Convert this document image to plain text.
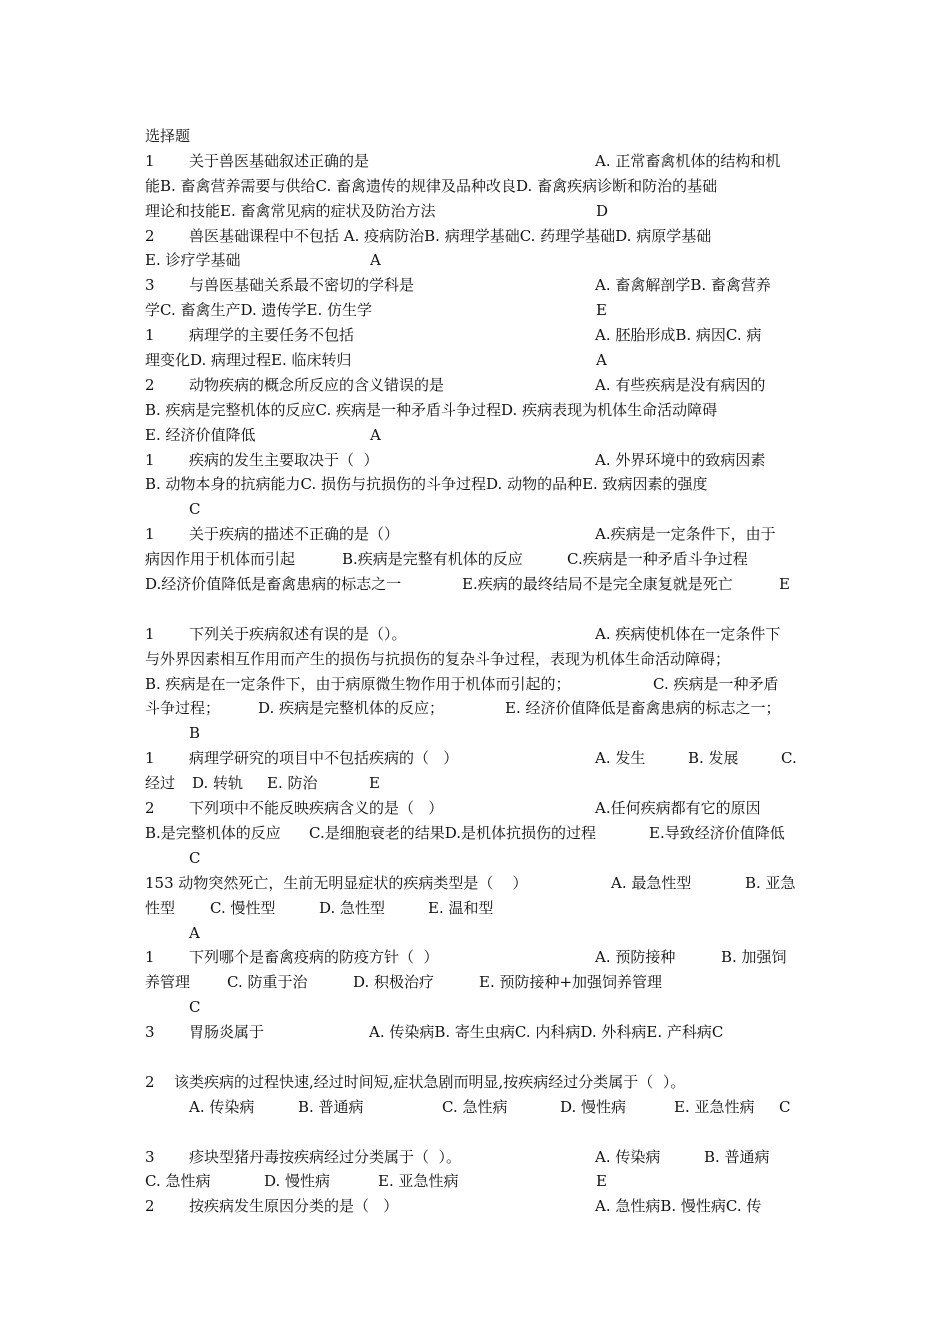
选择题

1 关于兽医基础叙述正确的是	A. 正常畜禽机体的结构和机
能B. 畜禽营养需要与供给C. 畜禽遗传的规律及品种改良D. 畜禽疾病诊断和防治的基础
理论和技能E. 畜禽常见病的症状及防治方法	D
2 兽医基础课程中不包括 A. 疫病防治B. 病理学基础C. 药理学基础D. 病原学基础
E. 诊疗学基础	A
3 与兽医基础关系最不密切的学科是	A. 畜禽解剖学B. 畜禽营养
学C. 畜禽生产D. 遗传学E. 仿生学	E
1 病理学的主要任务不包括	A. 胚胎形成B. 病因C. 病
理变化D. 病理过程E. 临床转归	A
2 动物疾病的概念所反应的含义错误的是	A. 有些疾病是没有病因的
B. 疾病是完整机体的反应C. 疾病是一种矛盾斗争过程D. 疾病表现为机体生命活动障碍
E. 经济价值降低	A
1 疾病的发生主要取决于（  ）	A. 外界环境中的致病因素
B. 动物本身的抗病能力C. 损伤与抗损伤的斗争过程D. 动物的品种E. 致病因素的强度
C
1 关于疾病的描述不正确的是（）	A.疾病是一定条件下，由于
病因作用于机体而引起	B.疾病是完整有机体的反应	C.疾病是一种矛盾斗争过程
D.经济价值降低是畜禽患病的标志之一	E.疾病的最终结局不是完全康复就是死亡	E
1 下列关于疾病叙述有误的是（）。	A. 疾病使机体在一定条件下
与外界因素相互作用而产生的损伤与抗损伤的复杂斗争过程，表现为机体生命活动障碍；
B. 疾病是在一定条件下，由于病原微生物作用于机体而引起的；	C. 疾病是一种矛盾
斗争过程；	D. 疾病是完整机体的反应；	E. 经济价值降低是畜禽患病的标志之一；
B
1 病理学研究的项目中不包括疾病的（   ）	A. 发生	B. 发展	C.
经过 D. 转轨 E. 防治	E
2 下列项中不能反映疾病含义的是（   ）	A.任何疾病都有它的原因
B.是完整机体的反应 C.是细胞衰老的结果D.是机体抗损伤的过程	E.导致经济价值降低
C
153 动物突然死亡，生前无明显症状的疾病类型是（    ）	A. 最急性型	B. 亚急
性型 C. 慢性型	D. 急性型	E. 温和型
A
1 下列哪个是畜禽疫病的防疫方针（  ）	A. 预防接种	B. 加强饲
养管理 C. 防重于治	D. 积极治疗	E. 预防接种+加强饲养管理
C
3 胃肠炎属于	A. 传染病B. 寄生虫病C. 内科病D. 外科病E. 产科病C
2 该类疾病的过程快速,经过时间短,症状急剧而明显,按疾病经过分类属于（  ）。
A. 传染病	B. 普通病	C. 急性病	D. 慢性病	E. 亚急性病 C
3 疹块型猪丹毒按疾病经过分类属于（  ）。	A. 传染病	B. 普通病
C. 急性病	D. 慢性病	E. 亚急性病	E
2 按疾病发生原因分类的是（   ）	A. 急性病B. 慢性病C. 传
